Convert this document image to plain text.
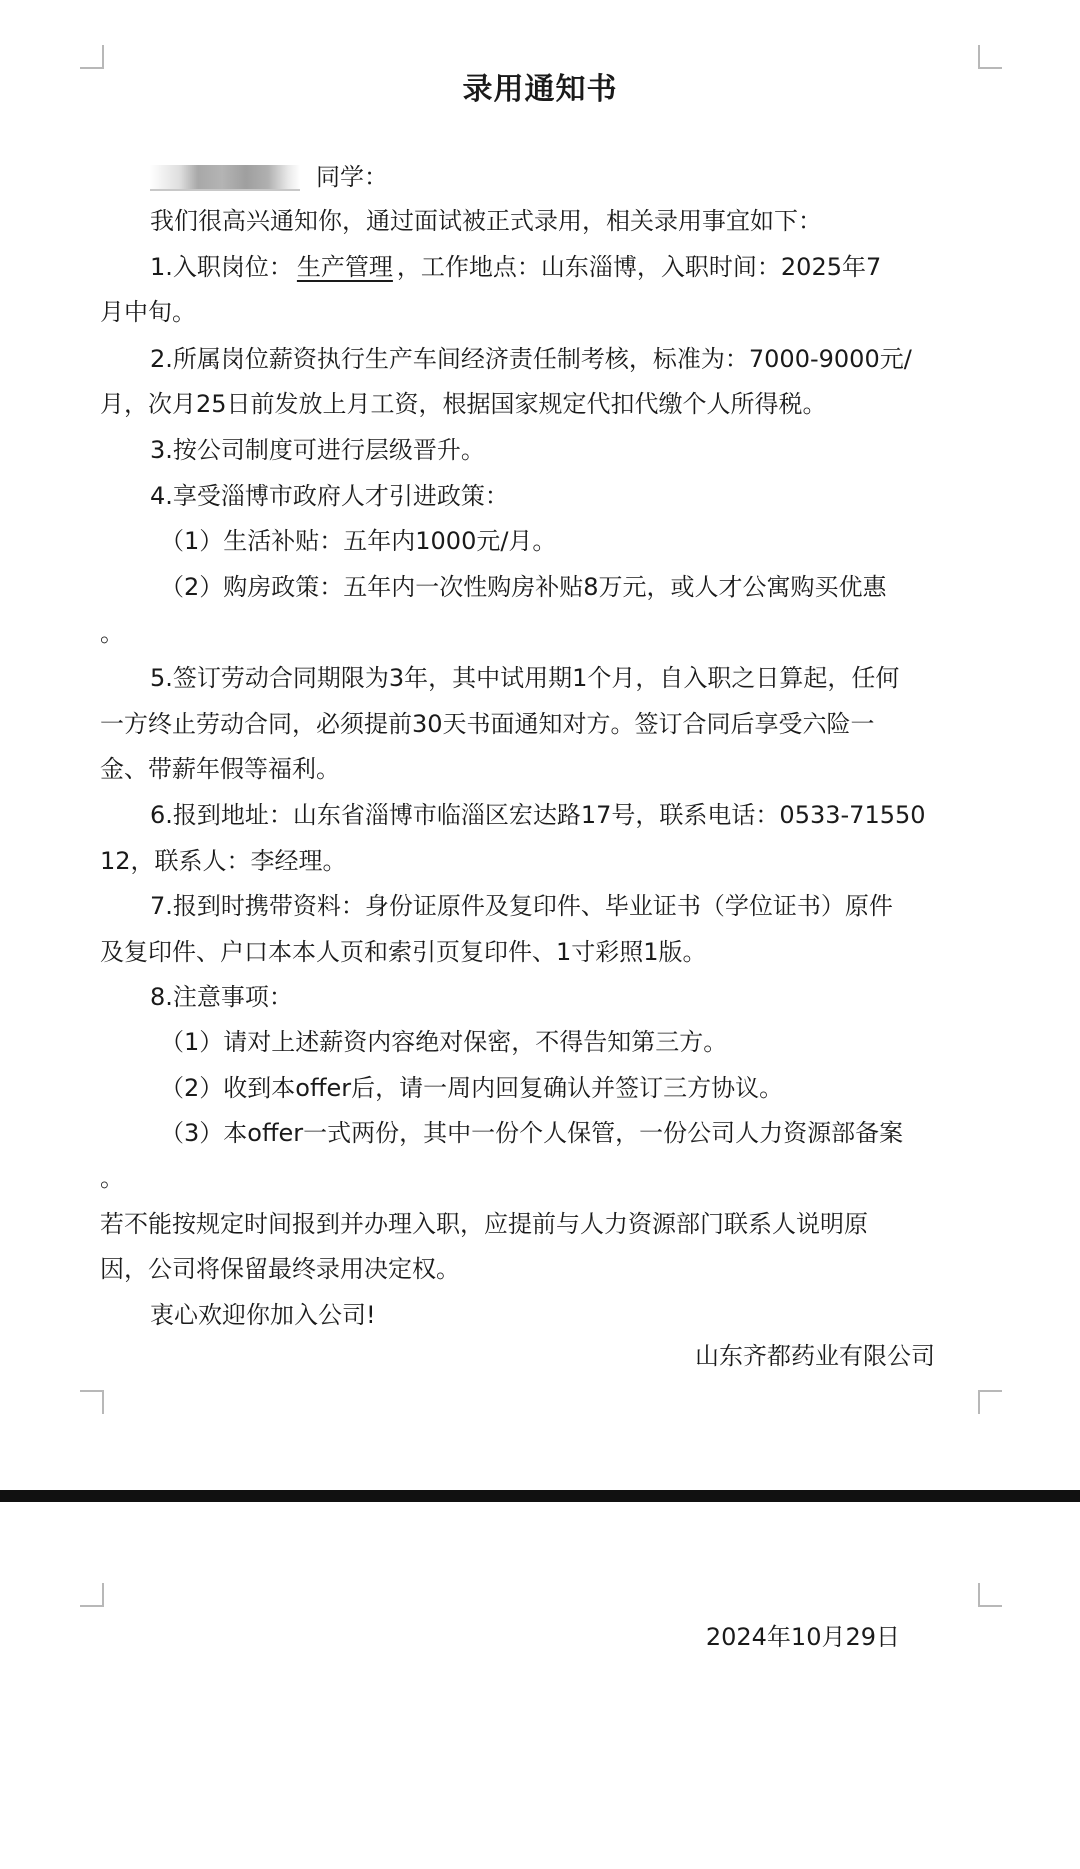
录用通知书
同学：
我们很高兴通知你，通过面试被正式录用，相关录用事宜如下：
1.入职岗位： 生产管理 ，工作地点：山东淄博，入职时间：2025年7
月中旬。
2.所属岗位薪资执行生产车间经济责任制考核，标准为：7000-9000元/
月，次月25日前发放上月工资，根据国家规定代扣代缴个人所得税。
3.按公司制度可进行层级晋升。
4.享受淄博市政府人才引进政策：
（1）生活补贴：五年内1000元/月。
（2）购房政策：五年内一次性购房补贴8万元，或人才公寓购买优惠
。
5.签订劳动合同期限为3年，其中试用期1个月，自入职之日算起，任何
一方终止劳动合同，必须提前30天书面通知对方。签订合同后享受六险一
金、带薪年假等福利。
6.报到地址：山东省淄博市临淄区宏达路17号，联系电话：0533-71550
12，联系人：李经理。
7.报到时携带资料：身份证原件及复印件、毕业证书（学位证书）原件
及复印件、户口本本人页和索引页复印件、1寸彩照1版。
8.注意事项：
（1）请对上述薪资内容绝对保密，不得告知第三方。
（2）收到本offer后，请一周内回复确认并签订三方协议。
（3）本offer一式两份，其中一份个人保管，一份公司人力资源部备案
。
若不能按规定时间报到并办理入职，应提前与人力资源部门联系人说明原
因，公司将保留最终录用决定权。
衷心欢迎你加入公司!
山东齐都药业有限公司
2024年10月29日
